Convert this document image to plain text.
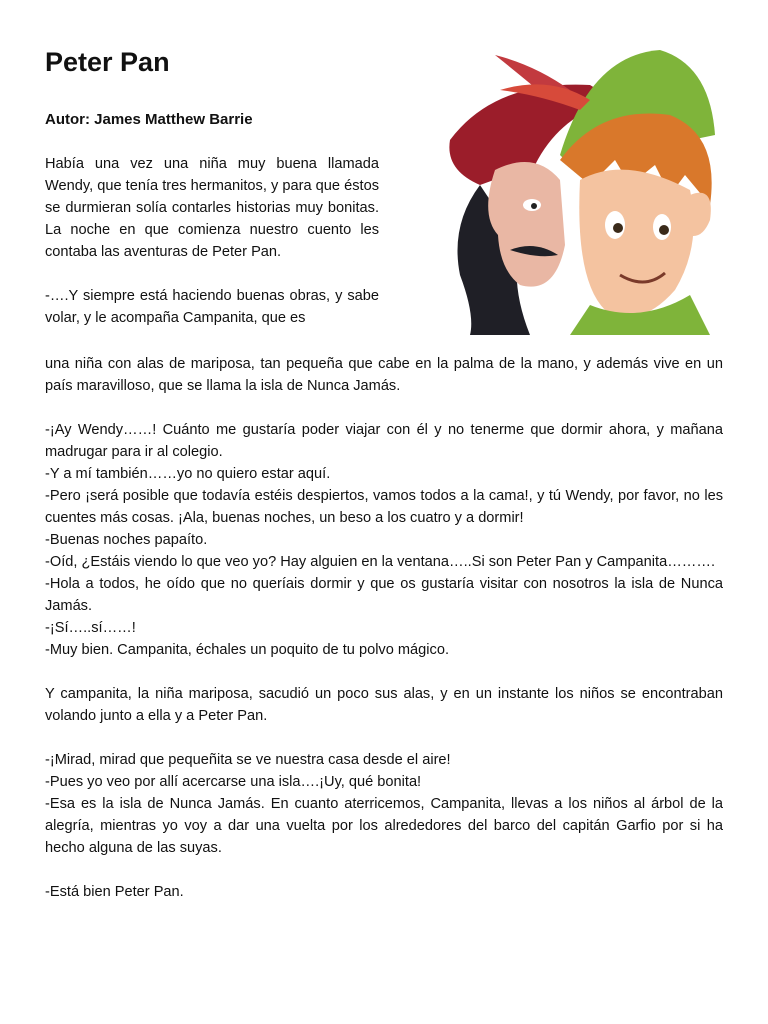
Peter Pan
Autor: James Matthew Barrie

Había una vez una niña muy buena llamada Wendy, que tenía tres hermanitos, y para que éstos se durmieran solía contarles historias muy bonitas. La noche en que comienza nuestro cuento les contaba las aventuras de Peter Pan.

-….Y siempre está haciendo buenas obras, y sabe volar, y le acompaña Campanita, que es

una niña con alas de mariposa, tan pequeña que cabe en la palma de la mano, y además vive en un país maravilloso, que se llama la isla de Nunca Jamás.

-¡Ay Wendy……! Cuánto me gustaría poder viajar con él y no tenerme que dormir ahora, y mañana madrugar para ir al colegio.

-Y a mí también……yo no quiero estar aquí.

-Pero ¡será posible que todavía estéis despiertos, vamos todos a la cama!, y tú Wendy, por favor, no les cuentes más cosas. ¡Ala, buenas noches, un beso a los cuatro y a dormir!

-Buenas noches papaíto.

-Oíd, ¿Estáis viendo lo que veo yo? Hay alguien en la ventana…..Si son Peter Pan y Campanita……….

-Hola a todos, he oído que no queríais dormir y que os gustaría visitar con nosotros la isla de Nunca Jamás.

-¡Sí…..sí……!

-Muy bien. Campanita, échales un poquito de tu polvo mágico.

Y campanita, la niña mariposa, sacudió un poco sus alas, y en un instante los niños se encontraban volando junto a ella y a Peter Pan.

-¡Mirad, mirad que pequeñita se ve nuestra casa desde el aire!

-Pues yo veo por allí acercarse una isla….¡Uy, qué bonita!

-Esa es la isla de Nunca Jamás. En cuanto aterricemos, Campanita, llevas a los niños al árbol de la alegría, mientras yo voy a dar una vuelta por los alrededores del barco del capitán Garfio por si ha hecho alguna de las suyas.

-Está bien Peter Pan.
